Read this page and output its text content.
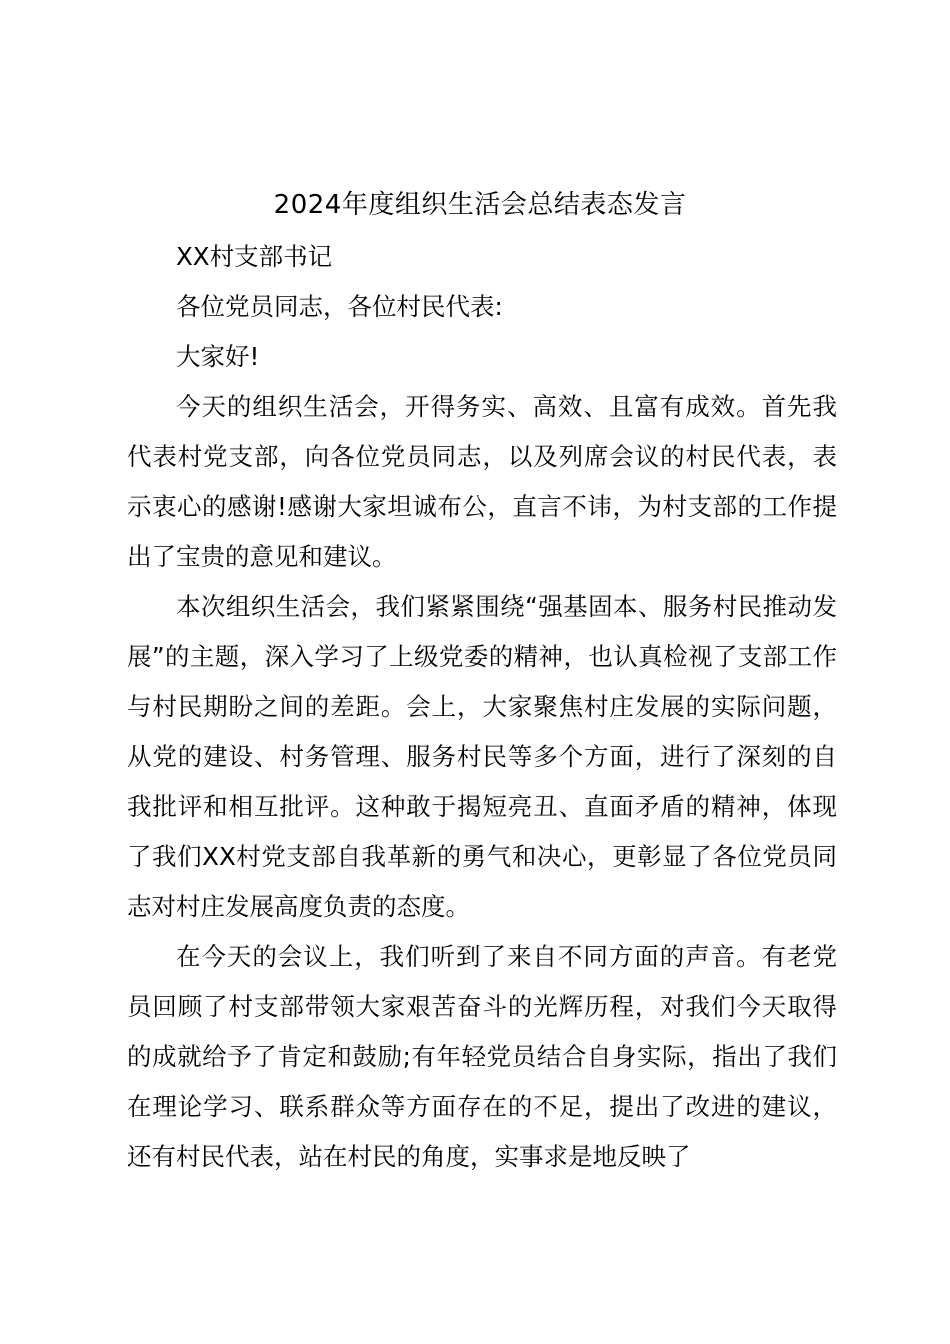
2024年度组织生活会总结表态发言

XX村支部书记

各位党员同志，各位村民代表:

大家好!

今天的组织生活会，开得务实、高效、且富有成效。首先我代表村党支部，向各位党员同志，以及列席会议的村民代表，表示衷心的感谢!感谢大家坦诚布公，直言不讳，为村支部的工作提出了宝贵的意见和建议。

本次组织生活会，我们紧紧围绕“强基固本、服务村民推动发展”的主题，深入学习了上级党委的精神，也认真检视了支部工作与村民期盼之间的差距。会上，大家聚焦村庄发展的实际问题，从党的建设、村务管理、服务村民等多个方面，进行了深刻的自我批评和相互批评。这种敢于揭短亮丑、直面矛盾的精神，体现了我们XX村党支部自我革新的勇气和决心，更彰显了各位党员同志对村庄发展高度负责的态度。

在今天的会议上，我们听到了来自不同方面的声音。有老党员回顾了村支部带领大家艰苦奋斗的光辉历程，对我们今天取得的成就给予了肯定和鼓励;有年轻党员结合自身实际，指出了我们在理论学习、联系群众等方面存在的不足，提出了改进的建议，还有村民代表，站在村民的角度，实事求是地反映了
